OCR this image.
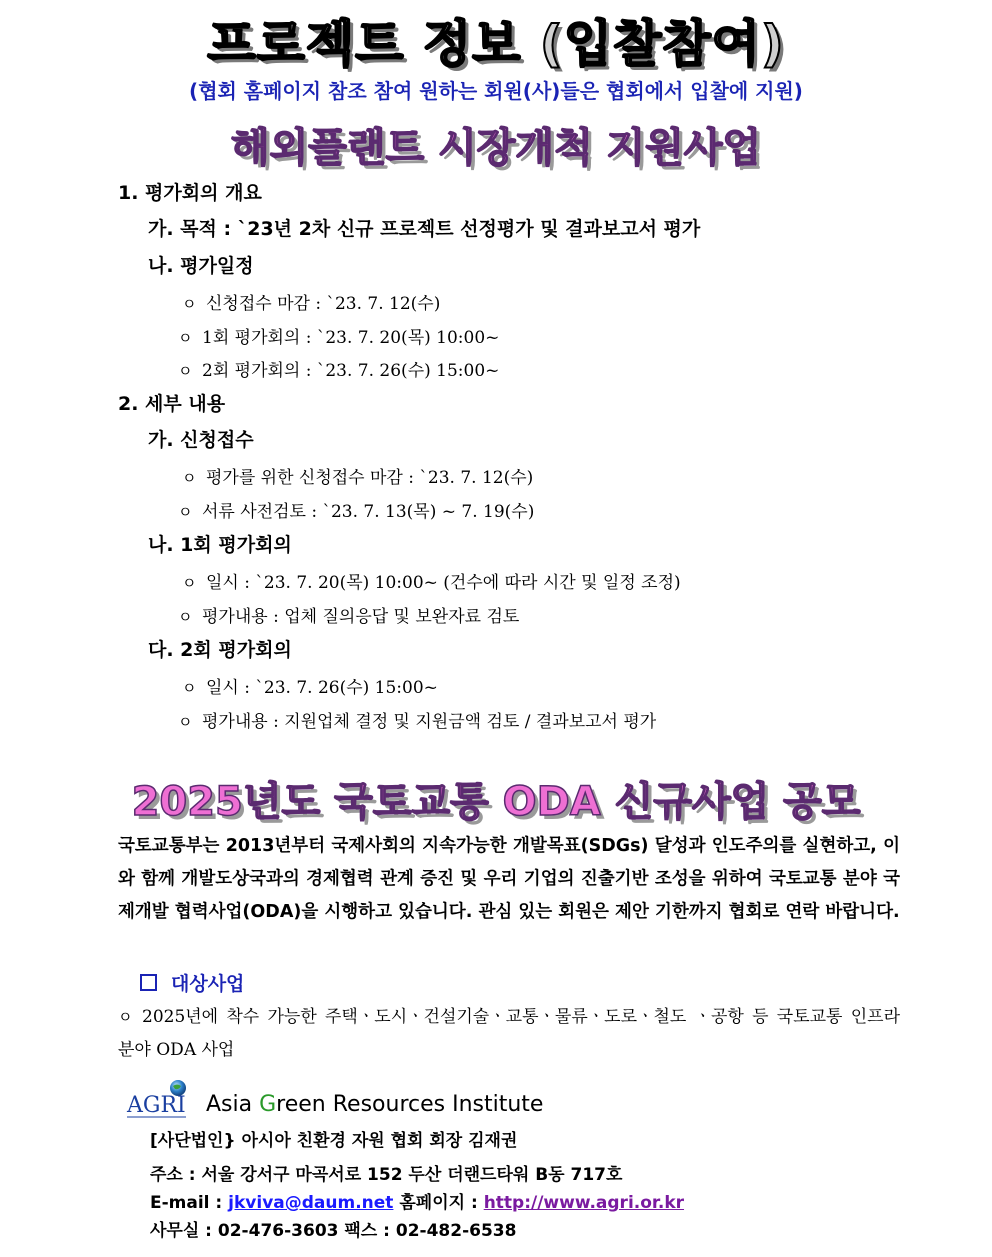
프로젝트 정보 (입찰참여)
(협회 홈페이지 참조 참여 원하는 회원(사)들은 협회에서 입찰에 지원)
해외플랜트 시장개척 지원사업
1. 평가회의 개요
가. 목적 : `23년 2차 신규 프로젝트 선정평가 및 결과보고서 평가
나. 평가일정
ㅇ 신청접수 마감 : `23. 7. 12(수)
ㅇ 1회 평가회의 : `23. 7. 20(목) 10:00~
ㅇ 2회 평가회의 : `23. 7. 26(수) 15:00~
2. 세부 내용
가. 신청접수
ㅇ 평가를 위한 신청접수 마감 : `23. 7. 12(수)
ㅇ 서류 사전검토 : `23. 7. 13(목) ~ 7. 19(수)
나. 1회 평가회의
ㅇ 일시 : `23. 7. 20(목) 10:00~ (건수에 따라 시간 및 일정 조정)
ㅇ 평가내용 : 업체 질의응답 및 보완자료 검토
다. 2회 평가회의
ㅇ 일시 : `23. 7. 26(수) 15:00~
ㅇ 평가내용 : 지원업체 결정 및 지원금액 검토 / 결과보고서 평가
2025년도 국토교통 ODA 신규사업 공모
국토교통부는 2013년부터 국제사회의 지속가능한 개발목표(SDGs) 달성과 인도주의를 실현하고, 이와 함께 개발도상국과의 경제협력 관계 증진 및 우리 기업의 진출기반 조성을 위하여 국토교통 분야 국제개발 협력사업(ODA)을 시행하고 있습니다. 관심 있는 회원은 제안 기한까지 협회로 연락 바랍니다.
대상사업
ㅇ 2025년에 착수 가능한 주택ㆍ도시ㆍ건설기술ㆍ교통ㆍ물류ㆍ도로ㆍ철도 ㆍ공항 등 국토교통 인프라 분야 ODA 사업
AGRI Asia Green Resources Institute
[사단법인} 아시아 친환경 자원 협회 회장 김재권
주소 : 서울 강서구 마곡서로 152 두산 더랜드타워 B동 717호
E-mail : jkviva@daum.net 홈페이지 : http://www.agri.or.kr
사무실 : 02-476-3603 팩스 : 02-482-6538
